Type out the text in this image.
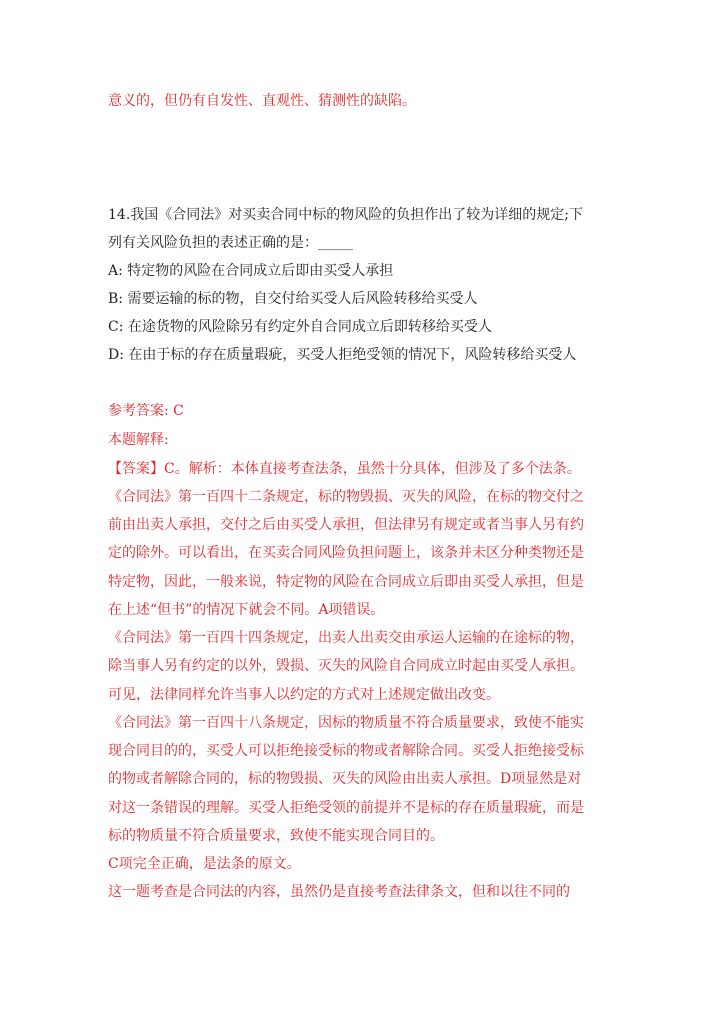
意义的，但仍有自发性、直观性、猜测性的缺陷。
14.我国《合同法》对买卖合同中标的物风险的负担作出了较为详细的规定;下
列有关风险负担的表述正确的是：_____
A: 特定物的风险在合同成立后即由买受人承担
B: 需要运输的标的物，自交付给买受人后风险转移给买受人
C: 在途货物的风险除另有约定外自合同成立后即转移给买受人
D: 在由于标的存在质量瑕疵，买受人拒绝受领的情况下，风险转移给买受人
参考答案: C
本题解释:
【答案】C。解析：本体直接考查法条，虽然十分具体，但涉及了多个法条。
《合同法》第一百四十二条规定，标的物毁损、灭失的风险，在标的物交付之
前由出卖人承担，交付之后由买受人承担，但法律另有规定或者当事人另有约
定的除外。可以看出，在买卖合同风险负担问题上，该条并未区分种类物还是
特定物，因此，一般来说，特定物的风险在合同成立后即由买受人承担，但是
在上述“但书”的情况下就会不同。A项错误。
《合同法》第一百四十四条规定，出卖人出卖交由承运人运输的在途标的物，
除当事人另有约定的以外，毁损、灭失的风险自合同成立时起由买受人承担。
可见，法律同样允许当事人以约定的方式对上述规定做出改变。
《合同法》第一百四十八条规定，因标的物质量不符合质量要求，致使不能实
现合同目的的，买受人可以拒绝接受标的物或者解除合同。买受人拒绝接受标
的物或者解除合同的，标的物毁损、灭失的风险由出卖人承担。D项显然是对
对这一条错误的理解。买受人拒绝受领的前提并不是标的存在质量瑕疵，而是
标的物质量不符合质量要求，致使不能实现合同目的。
C项完全正确，是法条的原文。
这一题考查是合同法的内容，虽然仍是直接考查法律条文，但和以往不同的
